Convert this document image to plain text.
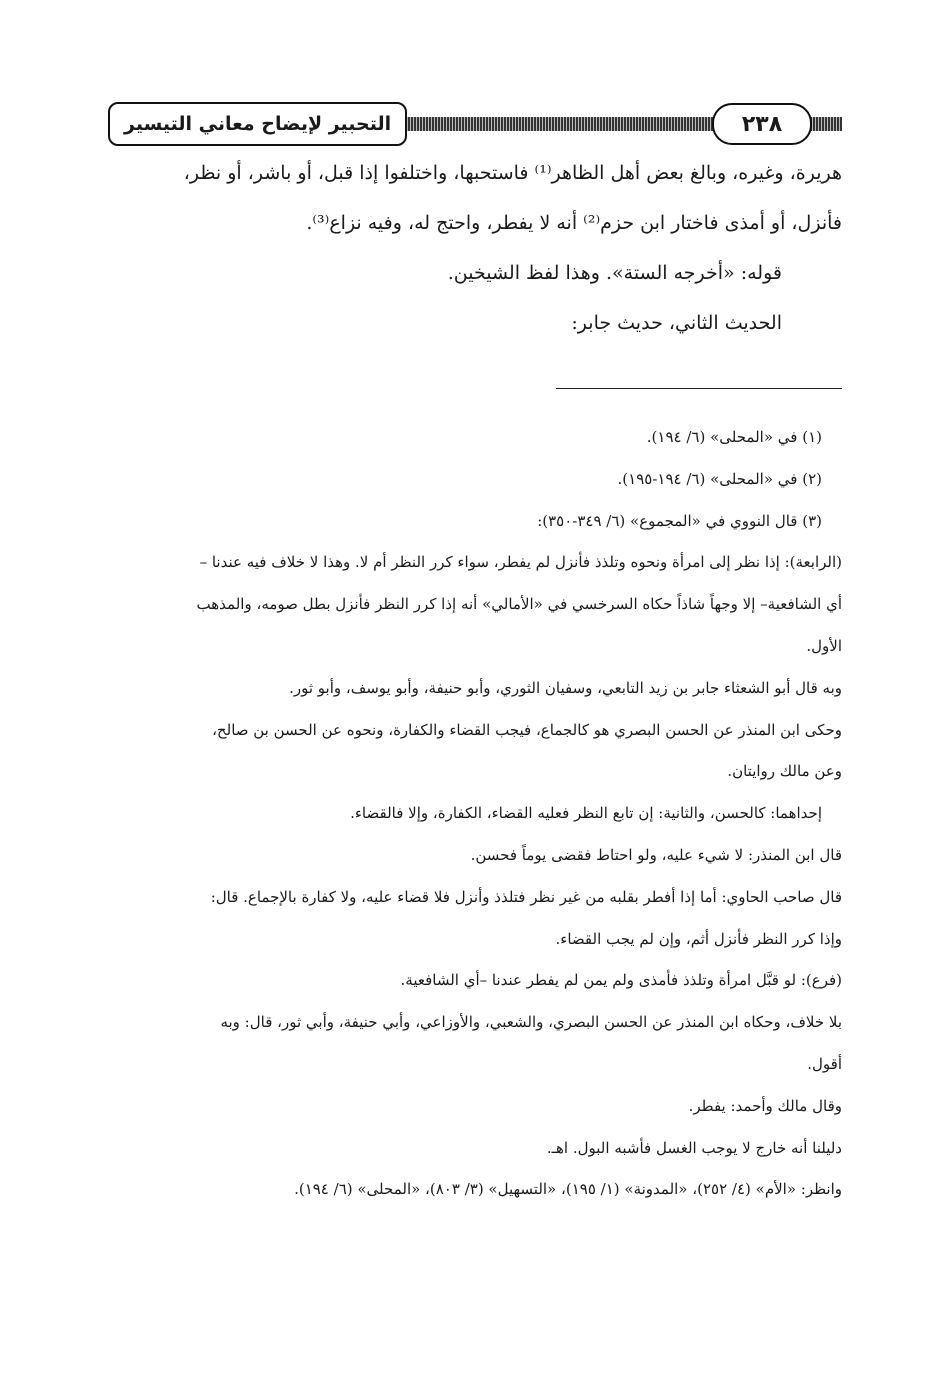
التحبير لإيضاح معاني التيسير	٢٣٨

هريرة، وغيره، وبالغ بعض أهل الظاهر⁽¹⁾ فاستحبها، واختلفوا إذا قبل، أو باشر، أو نظر،

فأنزل، أو أمذى فاختار ابن حزم⁽²⁾ أنه لا يفطر، واحتج له، وفيه نزاع⁽³⁾.

قوله: «أخرجه الستة». وهذا لفظ الشيخين.

الحديث الثاني، حديث جابر:

(١) في «المحلى» (٦/ ١٩٤).

(٢) في «المحلى» (٦/ ١٩٤-١٩٥).

(٣) قال النووي في «المجموع» (٦/ ٣٤٩-٣٥٠):

(الرابعة): إذا نظر إلى امرأة ونحوه وتلذذ فأنزل لم يفطر، سواء كرر النظر أم لا. وهذا لا خلاف فيه عندنا –

أي الشافعية– إلا وجهاً شاذاً حكاه السرخسي في «الأمالي» أنه إذا كرر النظر فأنزل بطل صومه، والمذهب

الأول.

وبه قال أبو الشعثاء جابر بن زيد التابعي، وسفيان الثوري، وأبو حنيفة، وأبو يوسف، وأبو ثور.

وحكى ابن المنذر عن الحسن البصري هو كالجماع، فيجب القضاء والكفارة، ونحوه عن الحسن بن صالح،

وعن مالك روايتان.

إحداهما: كالحسن، والثانية: إن تابع النظر فعليه القضاء، الكفارة، وإلا فالقضاء.

قال ابن المنذر: لا شيء عليه، ولو احتاط فقضى يوماً فحسن.

قال صاحب الحاوي: أما إذا أفطر بقلبه من غير نظر فتلذذ وأنزل فلا قضاء عليه، ولا كفارة بالإجماع. قال:

وإذا كرر النظر فأنزل أثم، وإن لم يجب القضاء.

(فرع): لو قبَّل امرأة وتلذذ فأمذى ولم يمن لم يفطر عندنا –أي الشافعية.

بلا خلاف، وحكاه ابن المنذر عن الحسن البصري، والشعبي، والأوزاعي، وأبي حنيفة، وأبي ثور، قال: وبه

أقول.

وقال مالك وأحمد: يفطر.

دليلنا أنه خارج لا يوجب الغسل فأشبه البول. اهـ.

وانظر: «الأم» (٤/ ٢٥٢)، «المدونة» (١/ ١٩٥)، «التسهيل» (٣/ ٨٠٣)، «المحلى» (٦/ ١٩٤).
